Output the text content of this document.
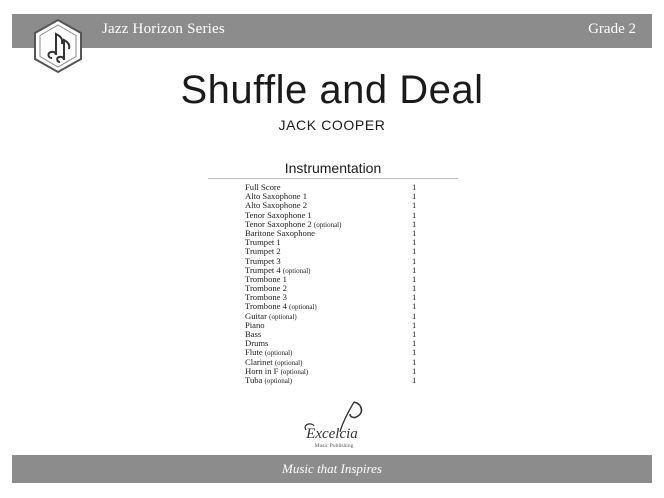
Jazz Horizon Series	Grade 2
Shuffle and Deal
JACK COOPER
Instrumentation
Full Score	1
Alto Saxophone 1	1
Alto Saxophone 2	1
Tenor Saxophone 1	1
Tenor Saxophone 2 (optional)	1
Baritone Saxophone	1
Trumpet 1	1
Trumpet 2	1
Trumpet 3	1
Trumpet 4 (optional)	1
Trombone 1	1
Trombone 2	1
Trombone 3	1
Trombone 4 (optional)	1
Guitar (optional)	1
Piano	1
Bass	1
Drums	1
Flute (optional)	1
Clarinet (optional)	1
Horn in F (optional)	1
Tuba (optional)	1
Excelcia
Music Publishing
Music that Inspires
